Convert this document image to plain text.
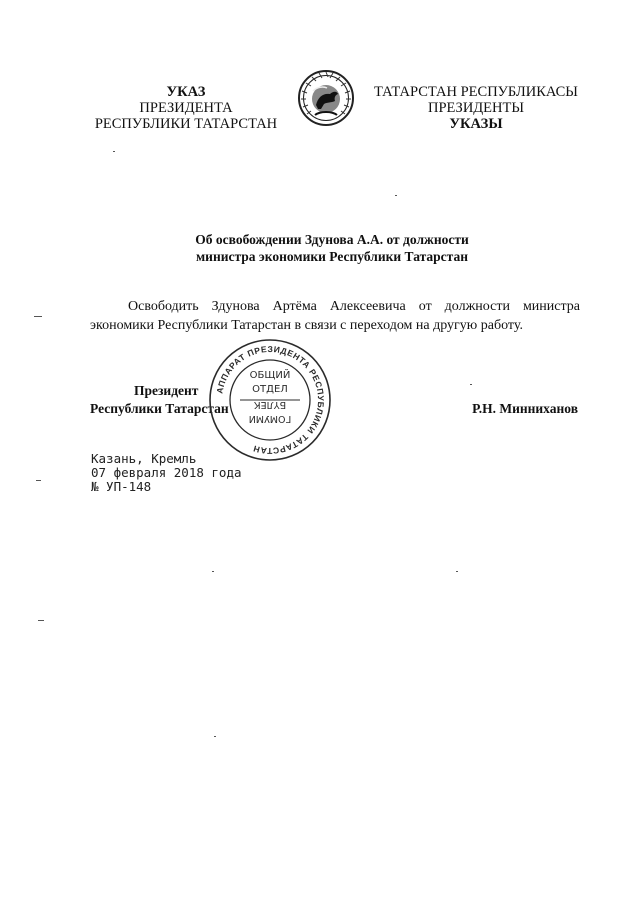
УКАЗ
ПРЕЗИДЕНТА
РЕСПУБЛИКИ ТАТАРСТАН
ТАТАРСТАН РЕСПУБЛИКАСЫ
ПРЕЗИДЕНТЫ
УКАЗЫ
Об освобождении Здунова А.А. от должности
министра экономики Республики Татарстан
Освободить Здунова Артёма Алексеевича от должности министра
экономики Республики Татарстан в связи с переходом на другую работу.
Президент
Республики Татарстан	Р.Н. Минниханов
АППАРАТ ПРЕЗИДЕНТА РЕСПУБЛИКИ ТАТАРСТАН
ОБЩИЙ
ОТДЕЛ
БҮЛЕК
ГОМУМИ
Казань, Кремль
07 февраля 2018 года
№ УП-148
